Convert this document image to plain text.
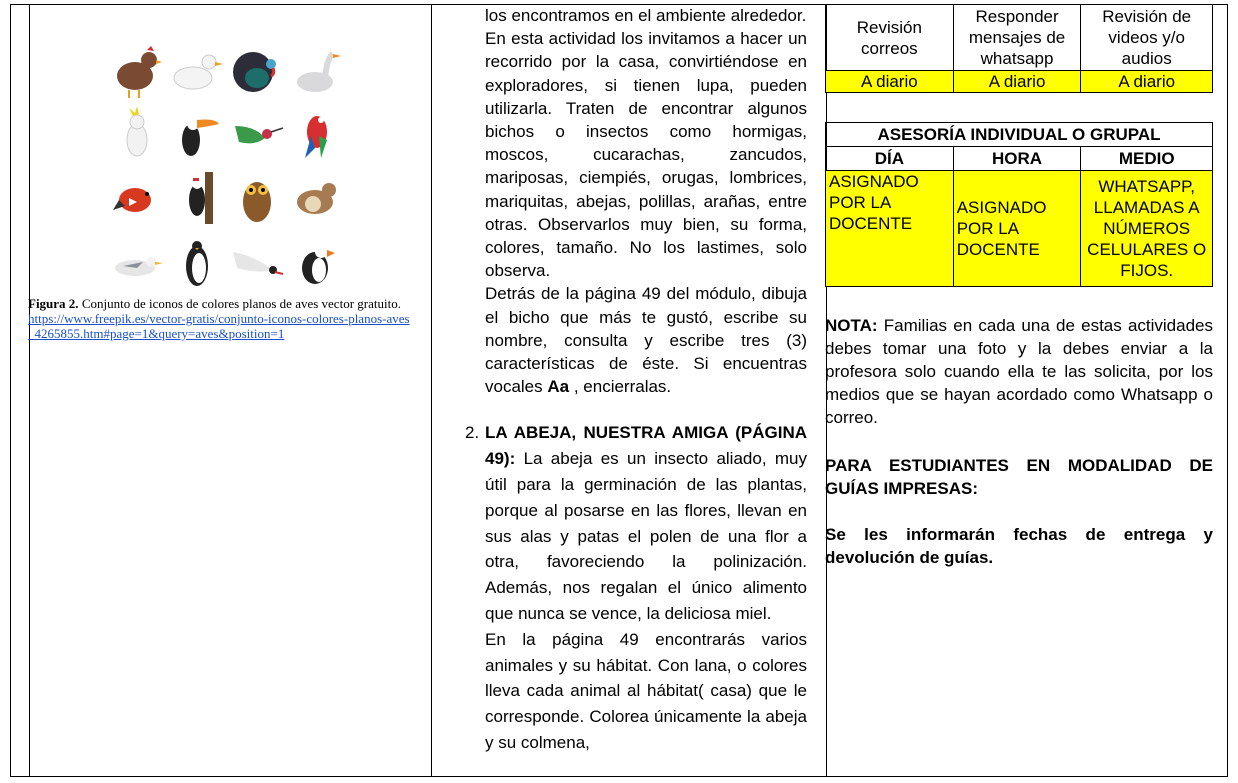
Figura 2. Conjunto de iconos de colores planos de aves vector gratuito.
https://www.freepik.es/vector-gratis/conjunto-iconos-colores-planos-aves_4265855.htm#page=1&query=aves&position=1

los encontramos en el ambiente alrededor.

En esta actividad los invitamos a hacer un recorrido por la casa, convirtiéndose en exploradores, si tienen lupa, pueden utilizarla. Traten de encontrar algunos bichos o insectos como hormigas, moscos, cucarachas, zancudos, mariposas, ciempiés, orugas, lombrices, mariquitas, abejas, polillas, arañas, entre otras. Observarlos muy bien, su forma, colores, tamaño. No los lastimes, solo observa.

Detrás de la página 49 del módulo, dibuja el bicho que más te gustó, escribe su nombre, consulta y escribe tres (3) características de éste. Si encuentras vocales Aa , encierralas.

2. LA ABEJA, NUESTRA AMIGA (PÁGINA 49): La abeja es un insecto aliado, muy útil para la germinación de las plantas, porque al posarse en las flores, llevan en sus alas y patas el polen de una flor a otra, favoreciendo la polinización. Además, nos regalan el único alimento que nunca se vence, la deliciosa miel.

En la página 49 encontrarás varios animales y su hábitat. Con lana, o colores lleva cada animal al hábitat( casa) que le corresponde. Colorea únicamente la abeja y su colmena,

Revisión correos	Responder mensajes de whatsapp	Revisión de videos y/o audios
A diario	A diario	A diario
ASESORÍA INDIVIDUAL O GRUPAL		
DÍA	HORA	MEDIO
ASIGNADO POR LA DOCENTE	ASIGNADO POR LA DOCENTE	WHATSAPP, LLAMADAS A NÚMEROS CELULARES O FIJOS.
NOTA: Familias en cada una de estas actividades debes tomar una foto y la debes enviar a la profesora solo cuando ella te las solicita, por los medios que se hayan acordado como Whatsapp o correo.
PARA ESTUDIANTES EN MODALIDAD DE GUÍAS IMPRESAS:
Se les informarán fechas de entrega y devolución de guías.
